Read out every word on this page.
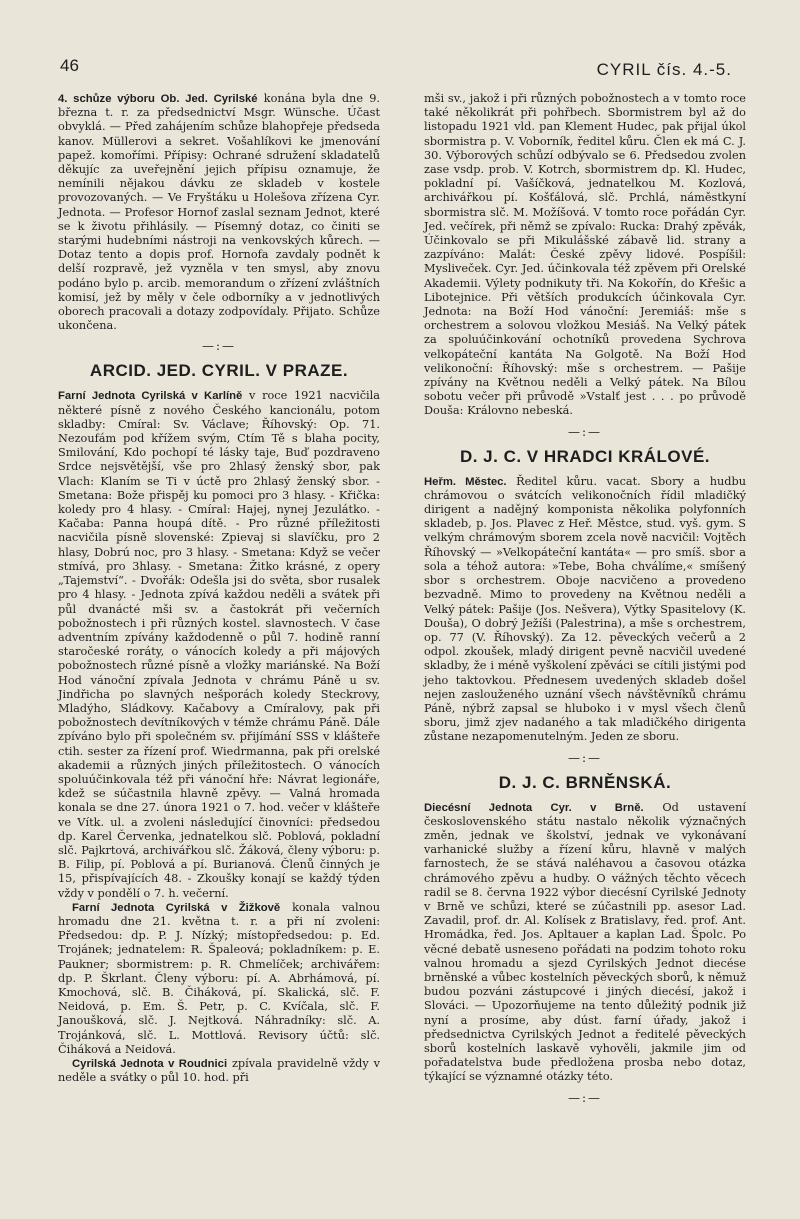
46	CYRIL čís. 4.-5.

4. schůze výboru Ob. Jed. Cyrilské konána byla dne 9. března t. r. za předsednictví Msgr. Wünsche. Účast obvyklá. — Před zahájením schůze blahopřeje předseda kanov. Müllerovi a sekret. Vošahlíkovi ke jmenování papež. komořími. Přípisy: Ochrané sdružení skladatelů děkujíc za uveřejnění jejich přípisu oznamuje, že nemínili nějakou dávku ze skladeb v kostele provozovaných. — Ve Fryštáku u Holešova zřízena Cyr. Jednota. — Profesor Hornof zaslal seznam Jednot, které se k životu přihlásily. — Písemný dotaz, co činiti se starými hudebními nástroji na venkovských kůrech. — Dotaz tento a dopis prof. Hornofa zavdaly podnět k delší rozpravě, jež vyzněla v ten smysl, aby znovu podáno bylo p. arcib. memorandum o zřízení zvláštních komisí, jež by měly v čele odborníky a v jednotlivých oborech pracovali a dotazy zodpovídaly. Přijato. Schůze ukončena.

—:—
ARCID. JED. CYRIL. V PRAZE.

Farní Jednota Cyrilská v Karlíně v roce 1921 nacvičila některé písně z nového Českého kancionálu, potom skladby: Cmíral: Sv. Václave; Říhovský: Op. 71. Nezoufám pod křížem svým, Ctím Tě s blaha pocity, Smilování, Kdo pochopí té lásky taje, Buď pozdraveno Srdce nejsvětější, vše pro 2hlasý ženský sbor, pak Vlach: Klaním se Ti v úctě pro 2hlasý ženský sbor. - Smetana: Bože přispěj ku pomoci pro 3 hlasy. - Křička: koledy pro 4 hlasy. - Cmíral: Hajej, nynej Jezulátko. - Kačaba: Panna houpá dítě. - Pro různé příležitosti nacvičila písně slovenské: Zpievaj si slavíčku, pro 2 hlasy, Dobrú noc, pro 3 hlasy. - Smetana: Když se večer stmívá, pro 3hlasy. - Smetana: Žitko krásné, z opery „Tajemství“. - Dvořák: Odešla jsi do světa, sbor rusalek pro 4 hlasy. - Jednota zpívá každou neděli a svátek při půl dvanácté mši sv. a častokrát při večerních pobožnostech i při různých kostel. slavnostech. V čase adventním zpívány každodenně o půl 7. hodině ranní staročeské roráty, o vánocích koledy a při májových pobožnostech různé písně a vložky mariánské. Na Boží Hod vánoční zpívala Jednota v chrámu Páně u sv. Jindřicha po slavných nešporách koledy Steckrovy, Mladýho, Sládkovy. Kačabovy a Cmíralovy, pak při pobožnostech devítníkových v témže chrámu Páně. Dále zpíváno bylo při společném sv. přijímání SSS v klášteře ctih. sester za řízení prof. Wiedrmanna, pak při orelské akademii a různých jiných příležitostech. O vánocích spoluúčinkovala též při vánoční hře: Návrat legionáře, kdež se súčastnila hlavně zpěvy. — Valná hromada konala se dne 27. února 1921 o 7. hod. večer v klášteře ve Vítk. ul. a zvoleni následující činovníci: předsedou dp. Karel Červenka, jednatelkou slč. Poblová, pokladní slč. Pajkrtová, archivářkou slč. Žáková, členy výboru: p. B. Filip, pí. Poblová a pí. Burianová. Členů činných je 15, přispívajících 48. - Zkoušky konají se každý týden vždy v pondělí o 7. h. večerní.

Farní Jednota Cyrilská v Žižkově konala valnou hromadu dne 21. května t. r. a při ní zvoleni: Předsedou: dp. P. J. Nízký; místopředsedou: p. Ed. Trojánek; jednatelem: R. Špaleová; pokladníkem: p. E. Paukner; sbormistrem: p. R. Chmelíček; archivářem: dp. P. Škrlant. Členy výboru: pí. A. Abrhámová, pí. Kmochová, slč. B. Čiháková, pí. Skalická, slč. F. Neidová, p. Em. Š. Petr, p. C. Kvíčala, slč. F. Janoušková, slč. J. Nejtková. Náhradníky: slč. A. Trojánková, slč. L. Mottlová. Revisory účtů: slč. Čiháková a Neidová.

Cyrilská Jednota v Roudnici zpívala pravidelně vždy v neděle a svátky o půl 10. hod. při

mši sv., jakož i při různých pobožnostech a v tomto roce také několikrát při pohřbech. Sbormistrem byl až do listopadu 1921 vld. pan Klement Hudec, pak přijal úkol sbormistra p. V. Voborník, ředitel kůru. Člen ek má C. J. 30. Výborových schůzí odbývalo se 6. Předsedou zvolen zase vsdp. prob. V. Kotrch, sbormistrem dp. Kl. Hudec, pokladní pí. Vašíčková, jednatelkou M. Kozlová, archivářkou pí. Košťálová, slč. Prchlá, náměstkyní sbormistra slč. M. Možíšová. V tomto roce pořádán Cyr. Jed. večírek, při němž se zpívalo: Rucka: Drahý zpěvák, Účinkovalo se při Mikulášské zábavě lid. strany a zazpíváno: Malát: České zpěvy lidové. Pospíšil: Mysliveček. Cyr. Jed. účinkovala též zpěvem při Orelské Akademii. Výlety podnikuty tři. Na Kokořín, do Křešic a Libotejnice. Při větších produkcích účinkovala Cyr. Jednota: na Boží Hod vánoční: Jeremiáš: mše s orchestrem a solovou vložkou Mesiáš. Na Velký pátek za spoluúčinkování ochotníků provedena Sychrova velkopáteční kantáta Na Golgotě. Na Boží Hod velikonoční: Říhovský: mše s orchestrem. — Pašije zpívány na Květnou neděli a Velký pátek. Na Bílou sobotu večer při průvodě »Vstalť jest . . . po průvodě Douša: Královno nebeská.

—:—
D. J. C. V HRADCI KRÁLOVÉ.

Heřm. Městec. Ředitel kůru. vacat. Sbory a hudbu chrámovou o svátcích velikonočních řídil mladičký dirigent a nadějný komponista několika polyfonních skladeb, p. Jos. Plavec z Heř. Městce, stud. vyš. gym. S velkým chrámovým sborem zcela nově nacvičil: Vojtěch Říhovský — »Velkopáteční kantáta« — pro smíš. sbor a sola a téhož autora: »Tebe, Boha chválíme,« smíšený sbor s orchestrem. Oboje nacvičeno a provedeno bezvadně. Mimo to provedeny na Květnou neděli a Velký pátek: Pašije (Jos. Nešvera), Výtky Spasitelovy (K. Douša), O dobrý Ježíši (Palestrina), a mše s orchestrem, op. 77 (V. Říhovský). Za 12. pěveckých večerů a 2 odpol. zkoušek, mladý dirigent pevně nacvičil uvedené skladby, že i méně vyškolení zpěváci se cítili jistými pod jeho taktovkou. Přednesem uvedených skladeb došel nejen zaslouženého uznání všech návštěvníků chrámu Páně, nýbrž zapsal se hluboko i v mysl všech členů sboru, jimž zjev nadaného a tak mladičkého dirigenta zůstane nezapomenutelným. Jeden ze sboru.

—:—
D. J. C. BRNĚNSKÁ.

Diecésní Jednota Cyr. v Brně. Od ustavení československého státu nastalo několik význačných změn, jednak ve školství, jednak ve vykonávaní varhanické služby a řízení kůru, hlavně v malých farnostech, že se stává naléhavou a časovou otázka chrámového zpěvu a hudby. O vážných těchto věcech radil se 8. června 1922 výbor diecésní Cyrilské Jednoty v Brně ve schůzi, které se zúčastnili pp. asesor Lad. Zavadil, prof. dr. Al. Kolísek z Bratislavy, řed. prof. Ant. Hromádka, řed. Jos. Apltauer a kaplan Lad. Špolc. Po věcné debatě usneseno pořádati na podzim tohoto roku valnou hromadu a sjezd Cyrilských Jednot diecése brněnské a vůbec kostelních pěveckých sborů, k němuž budou pozváni zástupcové i jiných diecésí, jakož i Slováci. — Upozorňujeme na tento důležitý podnik již nyní a prosíme, aby dúst. farní úřady, jakož i předsednictva Cyrilských Jednot a ředitelé pěveckých sborů kostelních laskavě vyhověli, jakmile jim od pořadatelstva bude předložena prosba nebo dotaz, týkající se významné otázky této.

—:—
